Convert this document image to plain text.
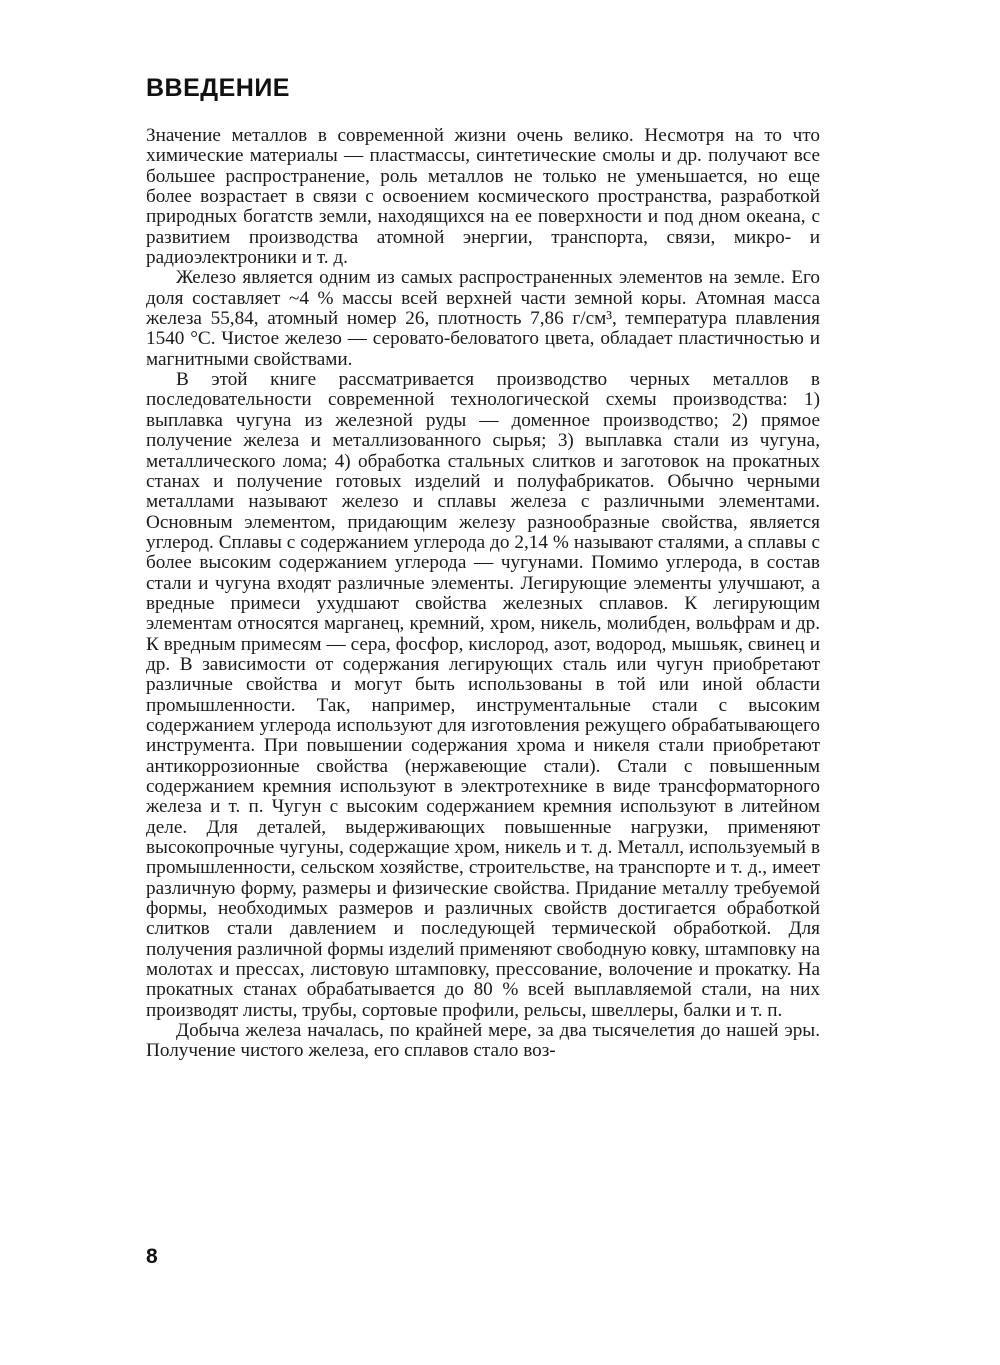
ВВЕДЕНИЕ

Значение металлов в современной жизни очень велико. Несмотря на то что химические материалы — пластмассы, синтетические смолы и др. получают все большее распространение, роль металлов не только не уменьшается, но еще более возрастает в связи с освоением космического пространства, разработкой природных богатств земли, находящихся на ее поверхности и под дном океана, с развитием производства атомной энергии, транспорта, связи, микро- и радиоэлектроники и т. д.

Железо является одним из самых распространенных элементов на земле. Его доля составляет ~4 % массы всей верхней части земной коры. Атомная масса железа 55,84, атомный номер 26, плотность 7,86 г/см³, температура плавления 1540 °С. Чистое железо — серовато-беловатого цвета, обладает пластичностью и магнитными свойствами.

В этой книге рассматривается производство черных металлов в последовательности современной технологической схемы производства: 1) выплавка чугуна из железной руды — доменное производство; 2) прямое получение железа и металлизованного сырья; 3) выплавка стали из чугуна, металлического лома; 4) обработка стальных слитков и заготовок на прокатных станах и получение готовых изделий и полуфабрикатов. Обычно черными металлами называют железо и сплавы железа с различными элементами. Основным элементом, придающим железу разнообразные свойства, является углерод. Сплавы с содержанием углерода до 2,14 % называют сталями, а сплавы с более высоким содержанием углерода — чугунами. Помимо углерода, в состав стали и чугуна входят различные элементы. Легирующие элементы улучшают, а вредные примеси ухудшают свойства железных сплавов. К легирующим элементам относятся марганец, кремний, хром, никель, молибден, вольфрам и др. К вредным примесям — сера, фосфор, кислород, азот, водород, мышьяк, свинец и др. В зависимости от содержания легирующих сталь или чугун приобретают различные свойства и могут быть использованы в той или иной области промышленности. Так, например, инструментальные стали с высоким содержанием углерода используют для изготовления режущего обрабатывающего инструмента. При повышении содержания хрома и никеля стали приобретают антикоррозионные свойства (нержавеющие стали). Стали с повышенным содержанием кремния используют в электротехнике в виде трансформаторного железа и т. п. Чугун с высоким содержанием кремния используют в литейном деле. Для деталей, выдерживающих повышенные нагрузки, применяют высокопрочные чугуны, содержащие хром, никель и т. д. Металл, используемый в промышленности, сельском хозяйстве, строительстве, на транспорте и т. д., имеет различную форму, размеры и физические свойства. Придание металлу требуемой формы, необходимых размеров и различных свойств достигается обработкой слитков стали давлением и последующей термической обработкой. Для получения различной формы изделий применяют свободную ковку, штамповку на молотах и прессах, листовую штамповку, прессование, волочение и прокатку. На прокатных станах обрабатывается до 80 % всей выплавляемой стали, на них производят листы, трубы, сортовые профили, рельсы, швеллеры, балки и т. п.

Добыча железа началась, по крайней мере, за два тысячелетия до нашей эры. Получение чистого железа, его сплавов стало воз-

8
